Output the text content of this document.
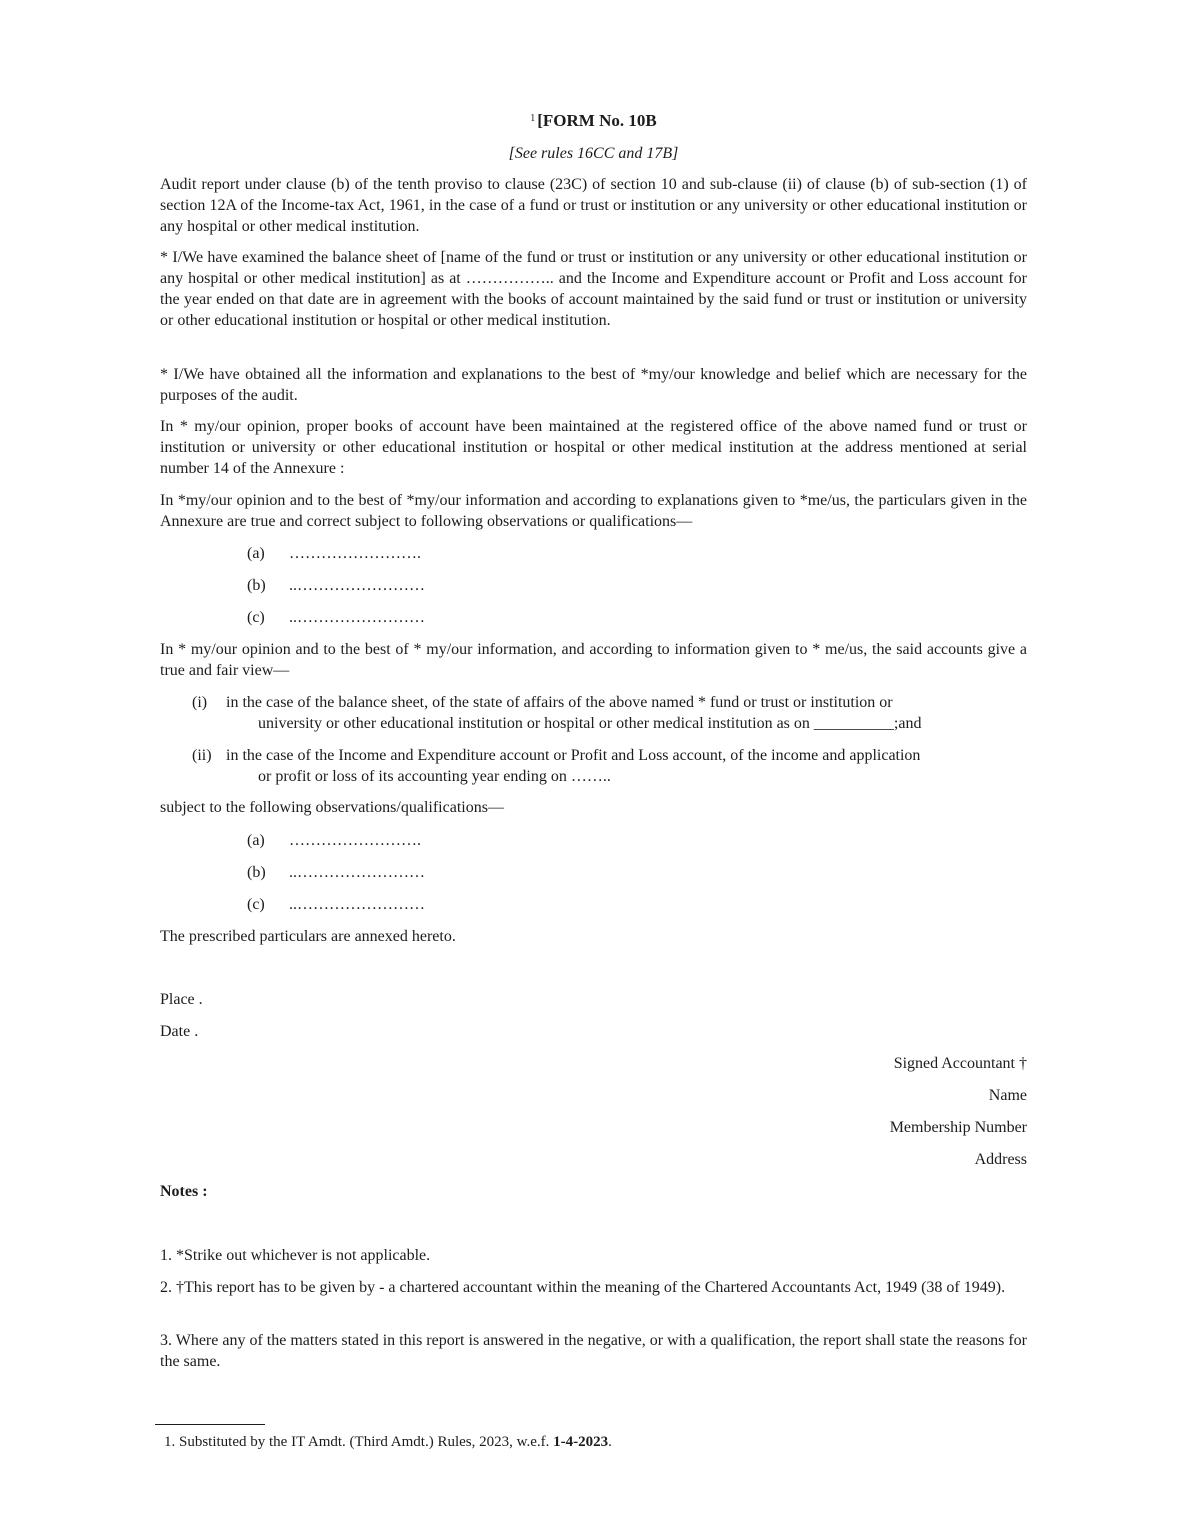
$^1$ [FORM No. 10B
[See rules 16CC and 17B]
Audit report under clause (b) of the tenth proviso to clause (23C) of section 10 and sub-clause (ii) of clause (b) of sub-section (1) of section 12A of the Income-tax Act, 1961, in the case of a fund or trust or institution or any university or other educational institution or any hospital or other medical institution.
* I/We have examined the balance sheet of [name of the fund or trust or institution or any university or other educational institution or any hospital or other medical institution] as at …………….. and the Income and Expenditure account or Profit and Loss account for the year ended on that date are in agreement with the books of account maintained by the said fund or trust or institution or university or other educational institution or hospital or other medical institution.
* I/We have obtained all the information and explanations to the best of *my/our knowledge and belief which are necessary for the purposes of the audit.
In * my/our opinion, proper books of account have been maintained at the registered office of the above named fund or trust or institution or university or other educational institution or hospital or other medical institution at the address mentioned at serial number 14 of the Annexure :
In *my/our opinion and to the best of *my/our information and according to explanations given to *me/us, the particulars given in the Annexure are true and correct subject to following observations or qualifications—
(a) …………………….
(b) ..……………………
(c) ..……………………
In * my/our opinion and to the best of * my/our information, and according to information given to * me/us, the said accounts give a true and fair view—
(i) in the case of the balance sheet, of the state of affairs of the above named * fund or trust or institution or
university or other educational institution or hospital or other medical institution as on __________;and
(ii) in the case of the Income and Expenditure account or Profit and Loss account, of the income and application
or profit or loss of its accounting year ending on ……..
subject to the following observations/qualifications—
(a) …………………….
(b) ..……………………
(c) ..……………………
The prescribed particulars are annexed hereto.
Place .
Date .
Signed Accountant †
Name
Membership Number
Address
Notes :
1. *Strike out whichever is not applicable.
2. †This report has to be given by - a chartered accountant within the meaning of the Chartered Accountants Act, 1949 (38 of 1949).
3. Where any of the matters stated in this report is answered in the negative, or with a qualification, the report shall state the reasons for the same.
1. Substituted by the IT Amdt. (Third Amdt.) Rules, 2023, w.e.f. 1-4-2023.
